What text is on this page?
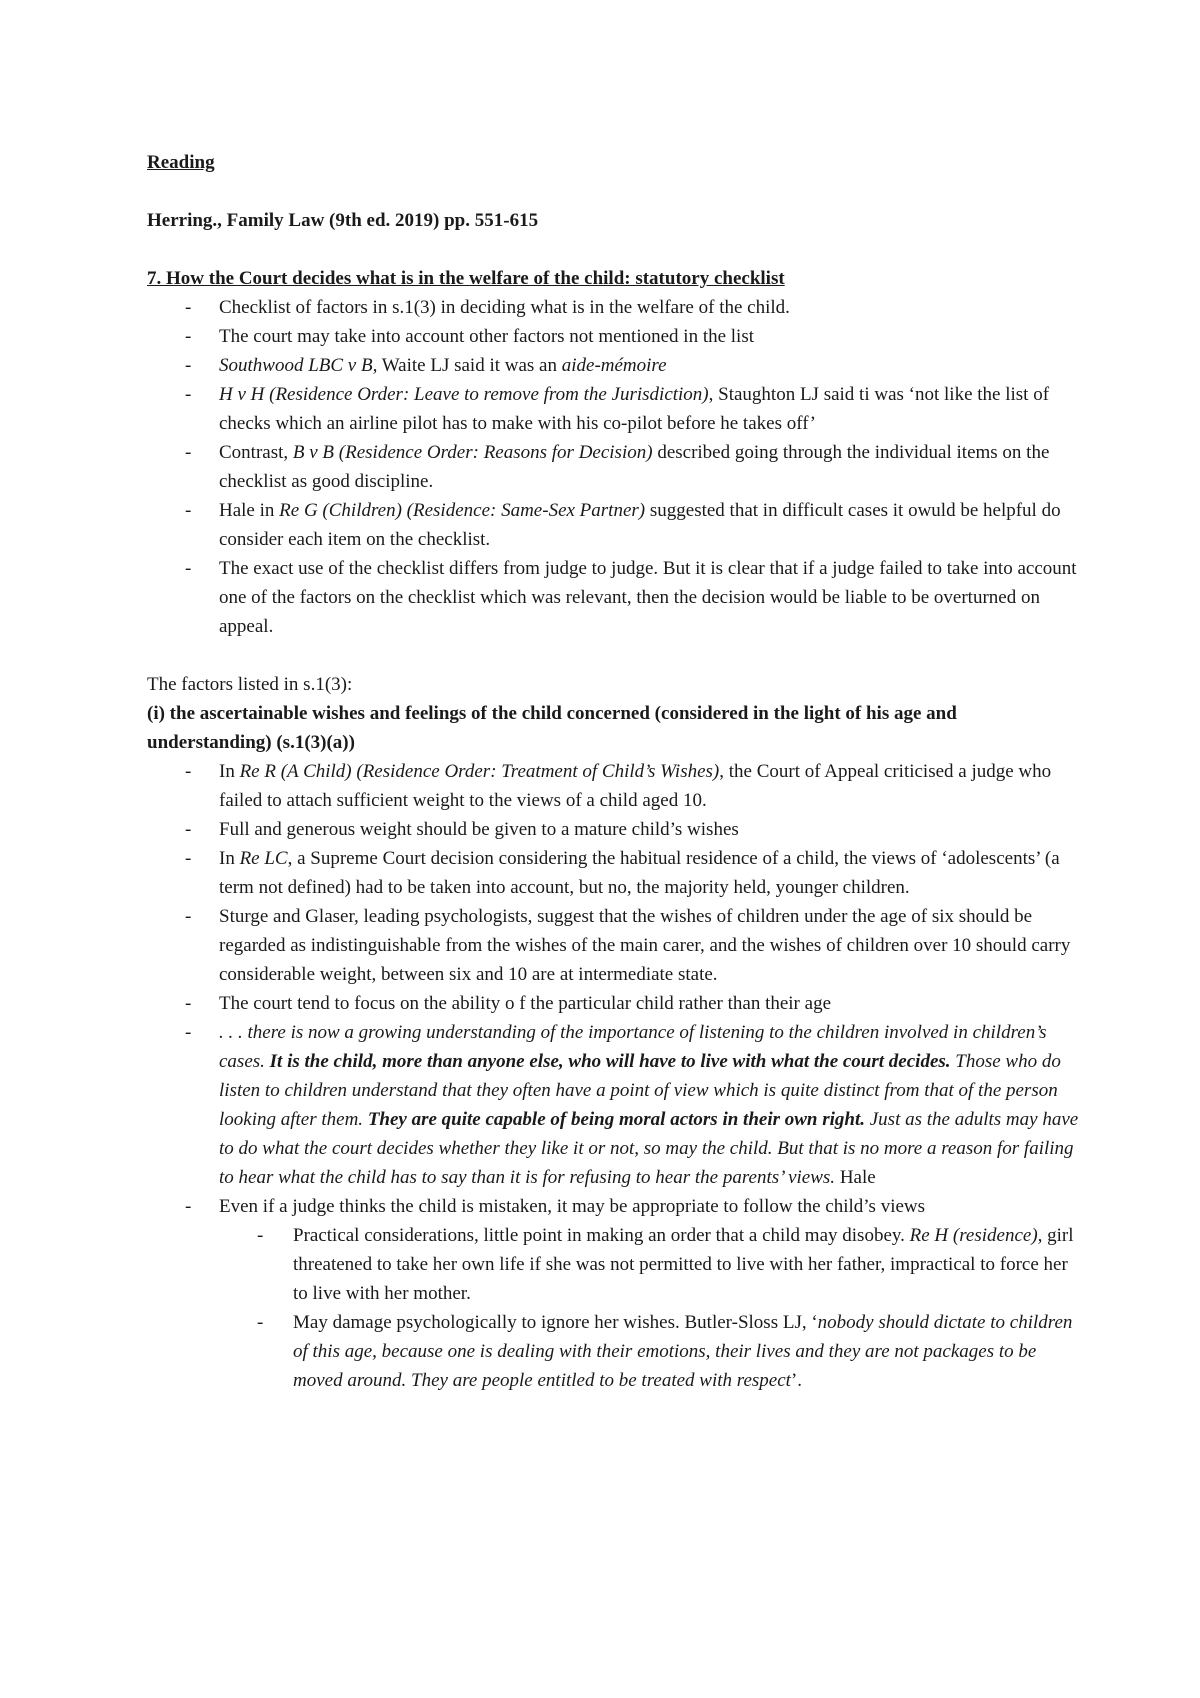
Reading

Herring., Family Law (9th ed. 2019) pp. 551-615

7. How the Court decides what is in the welfare of the child: statutory checklist

- Checklist of factors in s.1(3) in deciding what is in the welfare of the child.
- The court may take into account other factors not mentioned in the list
- Southwood LBC v B, Waite LJ said it was an aide-mémoire
- H v H (Residence Order: Leave to remove from the Jurisdiction), Staughton LJ said ti was ‘not like the list of checks which an airline pilot has to make with his co-pilot before he takes off’
- Contrast, B v B (Residence Order: Reasons for Decision) described going through the individual items on the checklist as good discipline.
- Hale in Re G (Children) (Residence: Same-Sex Partner) suggested that in difficult cases it owuld be helpful do consider each item on the checklist.
- The exact use of the checklist differs from judge to judge. But it is clear that if a judge failed to take into account one of the factors on the checklist which was relevant, then the decision would be liable to be overturned on appeal.

The factors listed in s.1(3):

(i) the ascertainable wishes and feelings of the child concerned (considered in the light of his age and understanding) (s.1(3)(a))

- In Re R (A Child) (Residence Order: Treatment of Child’s Wishes), the Court of Appeal criticised a judge who failed to attach sufficient weight to the views of a child aged 10.
- Full and generous weight should be given to a mature child’s wishes
- In Re LC, a Supreme Court decision considering the habitual residence of a child, the views of ‘adolescents’ (a term not defined) had to be taken into account, but no, the majority held, younger children.
- Sturge and Glaser, leading psychologists, suggest that the wishes of children under the age of six should be regarded as indistinguishable from the wishes of the main carer, and the wishes of children over 10 should carry considerable weight, between six and 10 are at intermediate state.
- The court tend to focus on the ability o f the particular child rather than their age
- . . . there is now a growing understanding of the importance of listening to the children involved in children’s cases. It is the child, more than anyone else, who will have to live with what the court decides. Those who do listen to children understand that they often have a point of view which is quite distinct from that of the person looking after them. They are quite capable of being moral actors in their own right. Just as the adults may have to do what the court decides whether they like it or not, so may the child. But that is no more a reason for failing to hear what the child has to say than it is for refusing to hear the parents’ views. Hale
- Even if a judge thinks the child is mistaken, it may be appropriate to follow the child’s views
- Practical considerations, little point in making an order that a child may disobey. Re H (residence), girl threatened to take her own life if she was not permitted to live with her father, impractical to force her to live with her mother.
- May damage psychologically to ignore her wishes. Butler-Sloss LJ, ‘nobody should dictate to children of this age, because one is dealing with their emotions, their lives and they are not packages to be moved around. They are people entitled to be treated with respect’.
